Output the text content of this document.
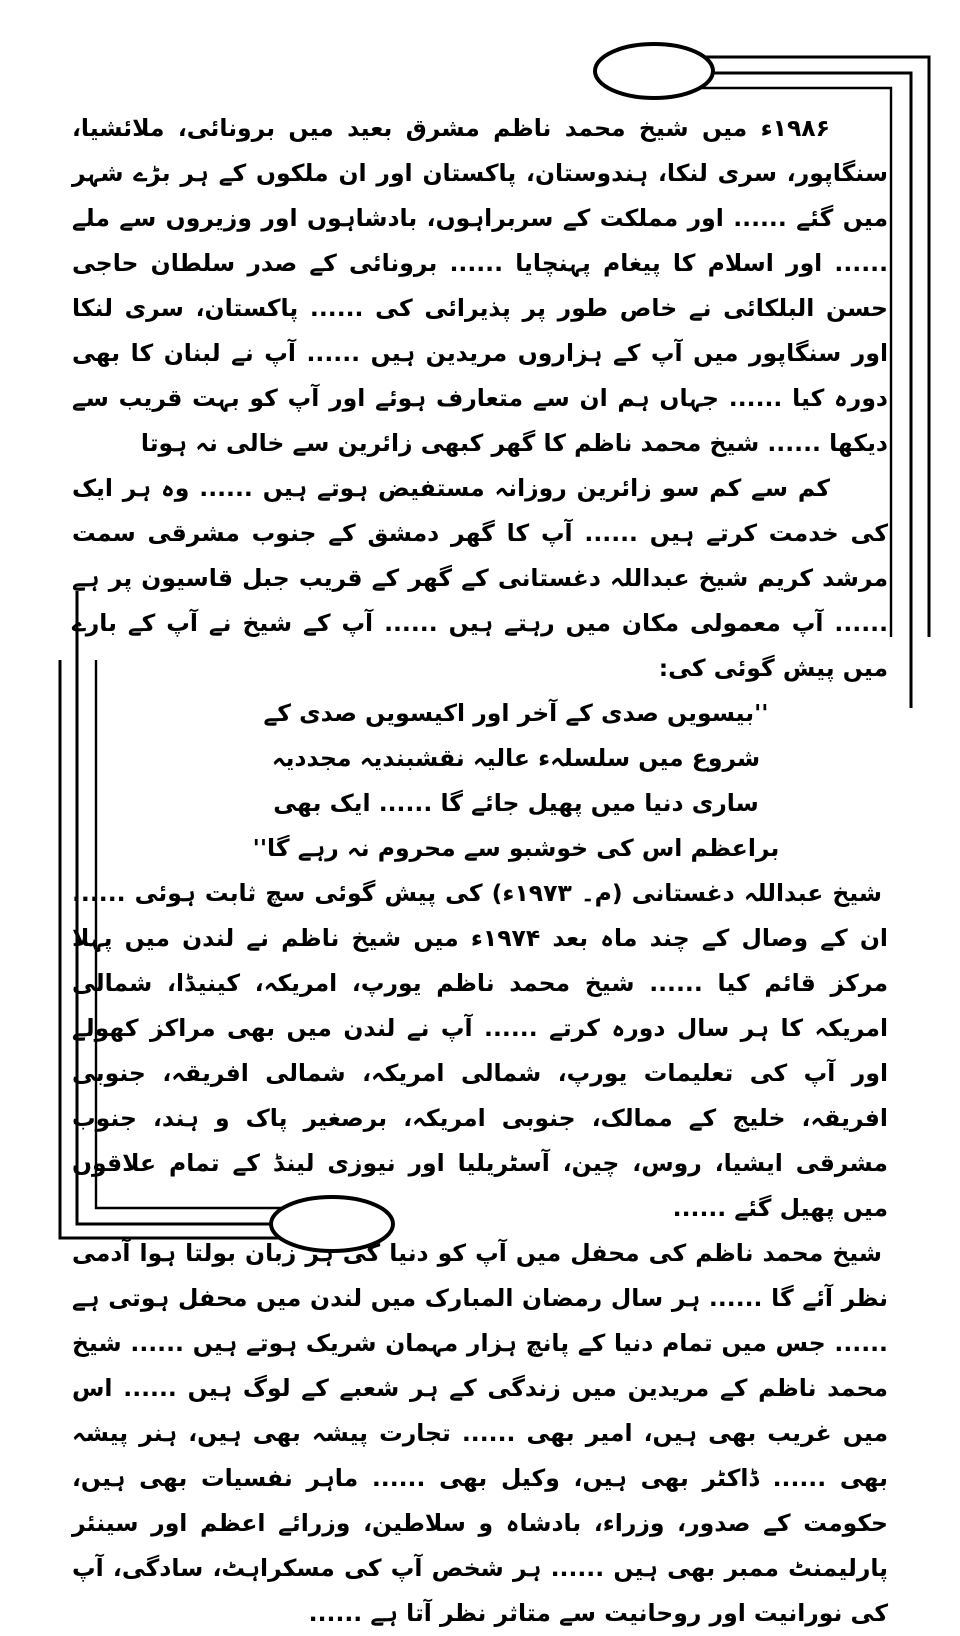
۱۹۸۶ء میں شیخ محمد ناظم مشرق بعید میں برونائی، ملائشیا، سنگاپور، سری لنکا، ہندوستان، پاکستان اور ان ملکوں کے ہر بڑے شہر میں گئے ...... اور مملکت کے سربراہوں، بادشاہوں اور وزیروں سے ملے ...... اور اسلام کا پیغام پہنچایا ...... برونائی کے صدر سلطان حاجی حسن البلکائی نے خاص طور پر پذیرائی کی ...... پاکستان، سری لنکا اور سنگاپور میں آپ کے ہزاروں مریدین ہیں ...... آپ نے لبنان کا بھی دورہ کیا ...... جہاں ہم ان سے متعارف ہوئے اور آپ کو بہت قریب سے دیکھا ...... شیخ محمد ناظم کا گھر کبھی زائرین سے خالی نہ ہوتا

کم سے کم سو زائرین روزانہ مستفیض ہوتے ہیں ...... وہ ہر ایک کی خدمت کرتے ہیں ...... آپ کا گھر دمشق کے جنوب مشرقی سمت مرشد کریم شیخ عبداللہ دغستانی کے گھر کے قریب جبل قاسیون پر ہے ...... آپ معمولی مکان میں رہتے ہیں ...... آپ کے شیخ نے آپ کے بارے میں پیش گوئی کی:

''بیسویں صدی کے آخر اور اکیسویں صدی کے شروع میں سلسلہء عالیہ نقشبندیہ مجددیہ ساری دنیا میں پھیل جائے گا ...... ایک بھی براعظم اس کی خوشبو سے محروم نہ رہے گا''

شیخ عبداللہ دغستانی (م۔ ۱۹۷۳ء) کی پیش گوئی سچ ثابت ہوئی ...... ان کے وصال کے چند ماہ بعد ۱۹۷۴ء میں شیخ ناظم نے لندن میں پہلا مرکز قائم کیا ...... شیخ محمد ناظم یورپ، امریکہ، کینیڈا، شمالی امریکہ کا ہر سال دورہ کرتے ...... آپ نے لندن میں بھی مراکز کھولے اور آپ کی تعلیمات یورپ، شمالی امریکہ، شمالی افریقہ، جنوبی افریقہ، خلیج کے ممالک، جنوبی امریکہ، برصغیر پاک و ہند، جنوب مشرقی ایشیا، روس، چین، آسٹریلیا اور نیوزی لینڈ کے تمام علاقوں میں پھیل گئے ......

شیخ محمد ناظم کی محفل میں آپ کو دنیا کی ہر زبان بولتا ہوا آدمی نظر آئے گا ...... ہر سال رمضان المبارک میں لندن میں محفل ہوتی ہے ...... جس میں تمام دنیا کے پانچ ہزار مہمان شریک ہوتے ہیں ...... شیخ محمد ناظم کے مریدین میں زندگی کے ہر شعبے کے لوگ ہیں ...... اس میں غریب بھی ہیں، امیر بھی ...... تجارت پیشہ بھی ہیں، ہنر پیشہ بھی ...... ڈاکٹر بھی ہیں، وکیل بھی ...... ماہر نفسیات بھی ہیں، حکومت کے صدور، وزراء، بادشاہ و سلاطین، وزرائے اعظم اور سینئر پارلیمنٹ ممبر بھی ہیں ...... ہر شخص آپ کی مسکراہٹ، سادگی، آپ کی نورانیت اور روحانیت سے متاثر نظر آتا ہے ......
